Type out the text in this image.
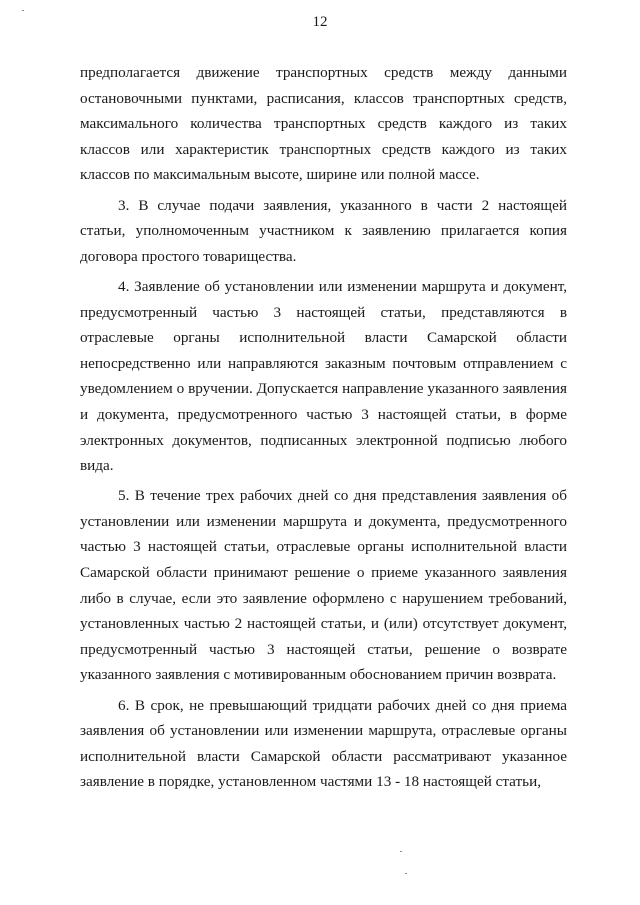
12

предполагается движение транспортных средств между данными остановочными пунктами, расписания, классов транспортных средств, максимального количества транспортных средств каждого из таких классов или характеристик транспортных средств каждого из таких классов по максимальным высоте, ширине или полной массе.

3. В случае подачи заявления, указанного в части 2 настоящей статьи, уполномоченным участником к заявлению прилагается копия договора простого товарищества.

4. Заявление об установлении или изменении маршрута и документ, предусмотренный частью 3 настоящей статьи, представляются в отраслевые органы исполнительной власти Самарской области непосредственно или направляются заказным почтовым отправлением с уведомлением о вручении. Допускается направление указанного заявления и документа, предусмотренного частью 3 настоящей статьи, в форме электронных документов, подписанных электронной подписью любого вида.

5. В течение трех рабочих дней со дня представления заявления об установлении или изменении маршрута и документа, предусмотренного частью 3 настоящей статьи, отраслевые органы исполнительной власти Самарской области принимают решение о приеме указанного заявления либо в случае, если это заявление оформлено с нарушением требований, установленных частью 2 настоящей статьи, и (или) отсутствует документ, предусмотренный частью 3 настоящей статьи, решение о возврате указанного заявления с мотивированным обоснованием причин возврата.

6. В срок, не превышающий тридцати рабочих дней со дня приема заявления об установлении или изменении маршрута, отраслевые органы исполнительной власти Самарской области рассматривают указанное заявление в порядке, установленном частями 13 - 18 настоящей статьи,
